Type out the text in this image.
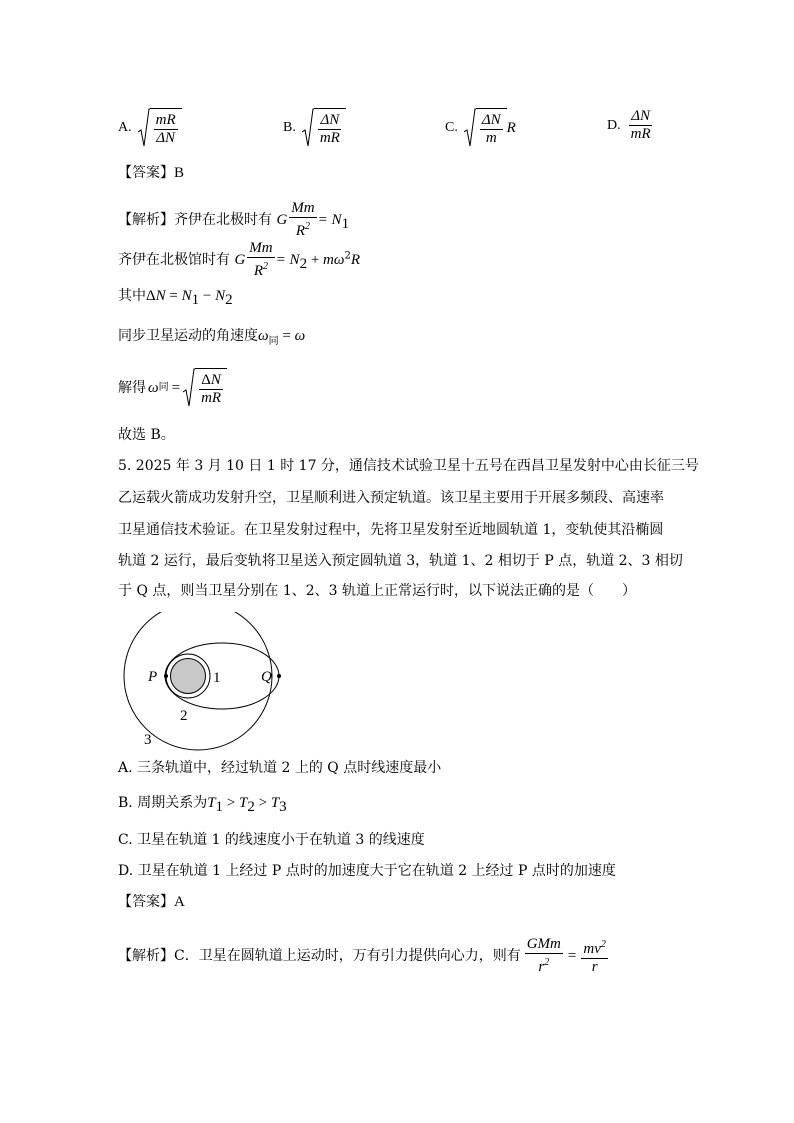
A. $\frac{mR}{\Delta N}$	B. $\frac{\Delta N}{mR}$	C. $\frac{\Delta N}{m}$ R	D. $\frac{\Delta N}{mR}$
【答案】B
【解析】齐伊在北极时有 G $\frac{Mm}{R^2} = N_1$
齐伊在北极馆时有 G $\frac{Mm}{R^2} = N_2 + m\omega^2R$
其中$\Delta N = N_1 - N_2$
同步卫星运动的角速度$\omega_同 = \omega$
解得 ω 同 = $\frac{\Delta N}{mR}$
故选 B。
5. 2025 年 3 月 10 日 1 时 17 分，通信技术试验卫星十五号在西昌卫星发射中心由长征三号
乙运载火箭成功发射升空，卫星顺利进入预定轨道。该卫星主要用于开展多频段、高速率
卫星通信技术验证。在卫星发射过程中，先将卫星发射至近地圆轨道 1，变轨使其沿椭圆
轨道 2 运行，最后变轨将卫星送入预定圆轨道 3，轨道 1、2 相切于 P 点，轨道 2、3 相切
于 Q 点，则当卫星分别在 1、2、3 轨道上正常运行时，以下说法正确的是（　　）
P	Q
1
2
3
A. 三条轨道中，经过轨道 2 上的 Q 点时线速度最小
B. 周期关系为$T_1 > T_2 > T_3$
C. 卫星在轨道 1 的线速度小于在轨道 3 的线速度
D. 卫星在轨道 1 上经过 P 点时的加速度大于它在轨道 2 上经过 P 点时的加速度
【答案】A
【解析】 C．卫星在圆轨道上运动时，万有引力提供向心力，则有 $\frac{\text{GMm}}{r^2} = \frac{mv^2}{r}$
